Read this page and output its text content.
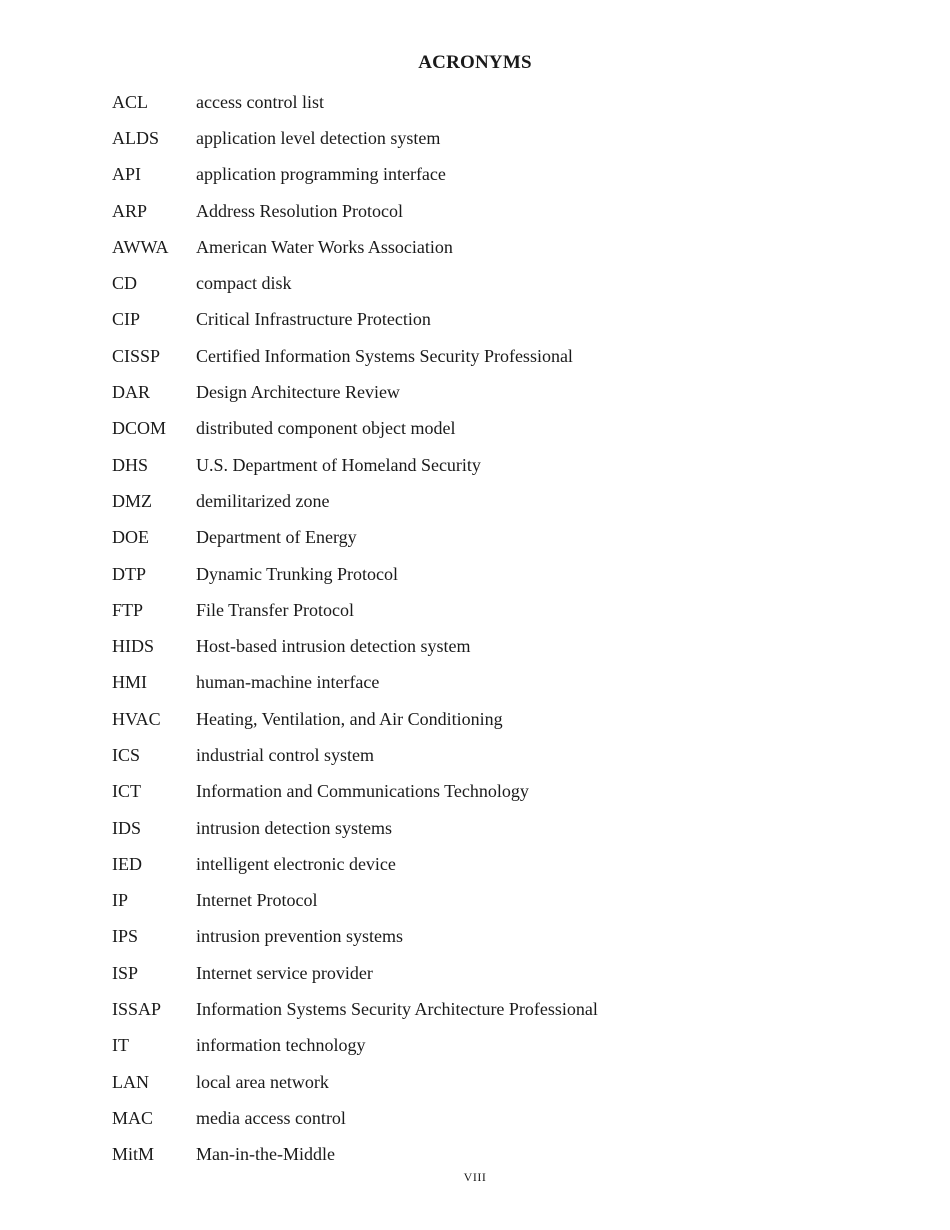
ACRONYMS
ACL	access control list
ALDS	application level detection system
API	application programming interface
ARP	Address Resolution Protocol
AWWA	American Water Works Association
CD	compact disk
CIP	Critical Infrastructure Protection
CISSP	Certified Information Systems Security Professional
DAR	Design Architecture Review
DCOM	distributed component object model
DHS	U.S. Department of Homeland Security
DMZ	demilitarized zone
DOE	Department of Energy
DTP	Dynamic Trunking Protocol
FTP	File Transfer Protocol
HIDS	Host-based intrusion detection system
HMI	human-machine interface
HVAC	Heating, Ventilation, and Air Conditioning
ICS	industrial control system
ICT	Information and Communications Technology
IDS	intrusion detection systems
IED	intelligent electronic device
IP	Internet Protocol
IPS	intrusion prevention systems
ISP	Internet service provider
ISSAP	Information Systems Security Architecture Professional
IT	information technology
LAN	local area network
MAC	media access control
MitM	Man-in-the-Middle
VIII
